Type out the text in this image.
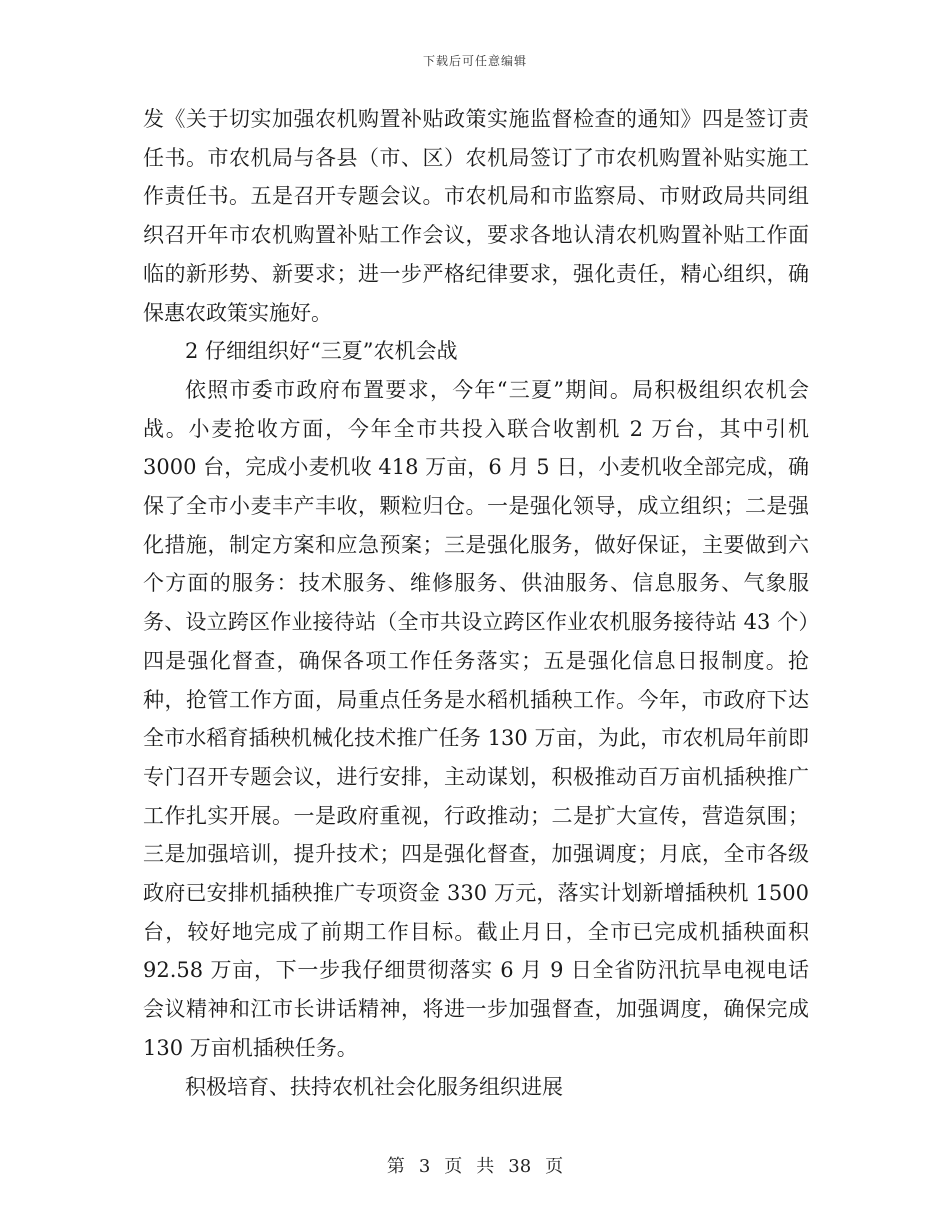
下载后可任意编辑

发《关于切实加强农机购置补贴政策实施监督检查的通知》四是签订责任书。市农机局与各县（市、区）农机局签订了市农机购置补贴实施工作责任书。五是召开专题会议。市农机局和市监察局、市财政局共同组织召开年市农机购置补贴工作会议，要求各地认清农机购置补贴工作面临的新形势、新要求；进一步严格纪律要求，强化责任，精心组织，确保惠农政策实施好。

2 仔细组织好“三夏”农机会战

依照市委市政府布置要求，今年“三夏”期间。局积极组织农机会战。小麦抢收方面，今年全市共投入联合收割机 2 万台，其中引机 3000 台，完成小麦机收 418 万亩，6 月 5 日，小麦机收全部完成，确保了全市小麦丰产丰收，颗粒归仓。一是强化领导，成立组织；二是强化措施，制定方案和应急预案；三是强化服务，做好保证，主要做到六个方面的服务：技术服务、维修服务、供油服务、信息服务、气象服务、设立跨区作业接待站（全市共设立跨区作业农机服务接待站 43 个）四是强化督查，确保各项工作任务落实；五是强化信息日报制度。抢种，抢管工作方面，局重点任务是水稻机插秧工作。今年，市政府下达全市水稻育插秧机械化技术推广任务 130 万亩，为此，市农机局年前即专门召开专题会议，进行安排，主动谋划，积极推动百万亩机插秧推广工作扎实开展。一是政府重视，行政推动；二是扩大宣传，营造氛围；三是加强培训，提升技术；四是强化督查，加强调度；月底，全市各级政府已安排机插秧推广专项资金 330 万元，落实计划新增插秧机 1500 台，较好地完成了前期工作目标。截止月日，全市已完成机插秧面积 92.58 万亩，下一步我仔细贯彻落实 6 月 9 日全省防汛抗旱电视电话会议精神和江市长讲话精神，将进一步加强督查，加强调度，确保完成 130 万亩机插秧任务。

积极培育、扶持农机社会化服务组织进展

第 3 页 共 38 页
